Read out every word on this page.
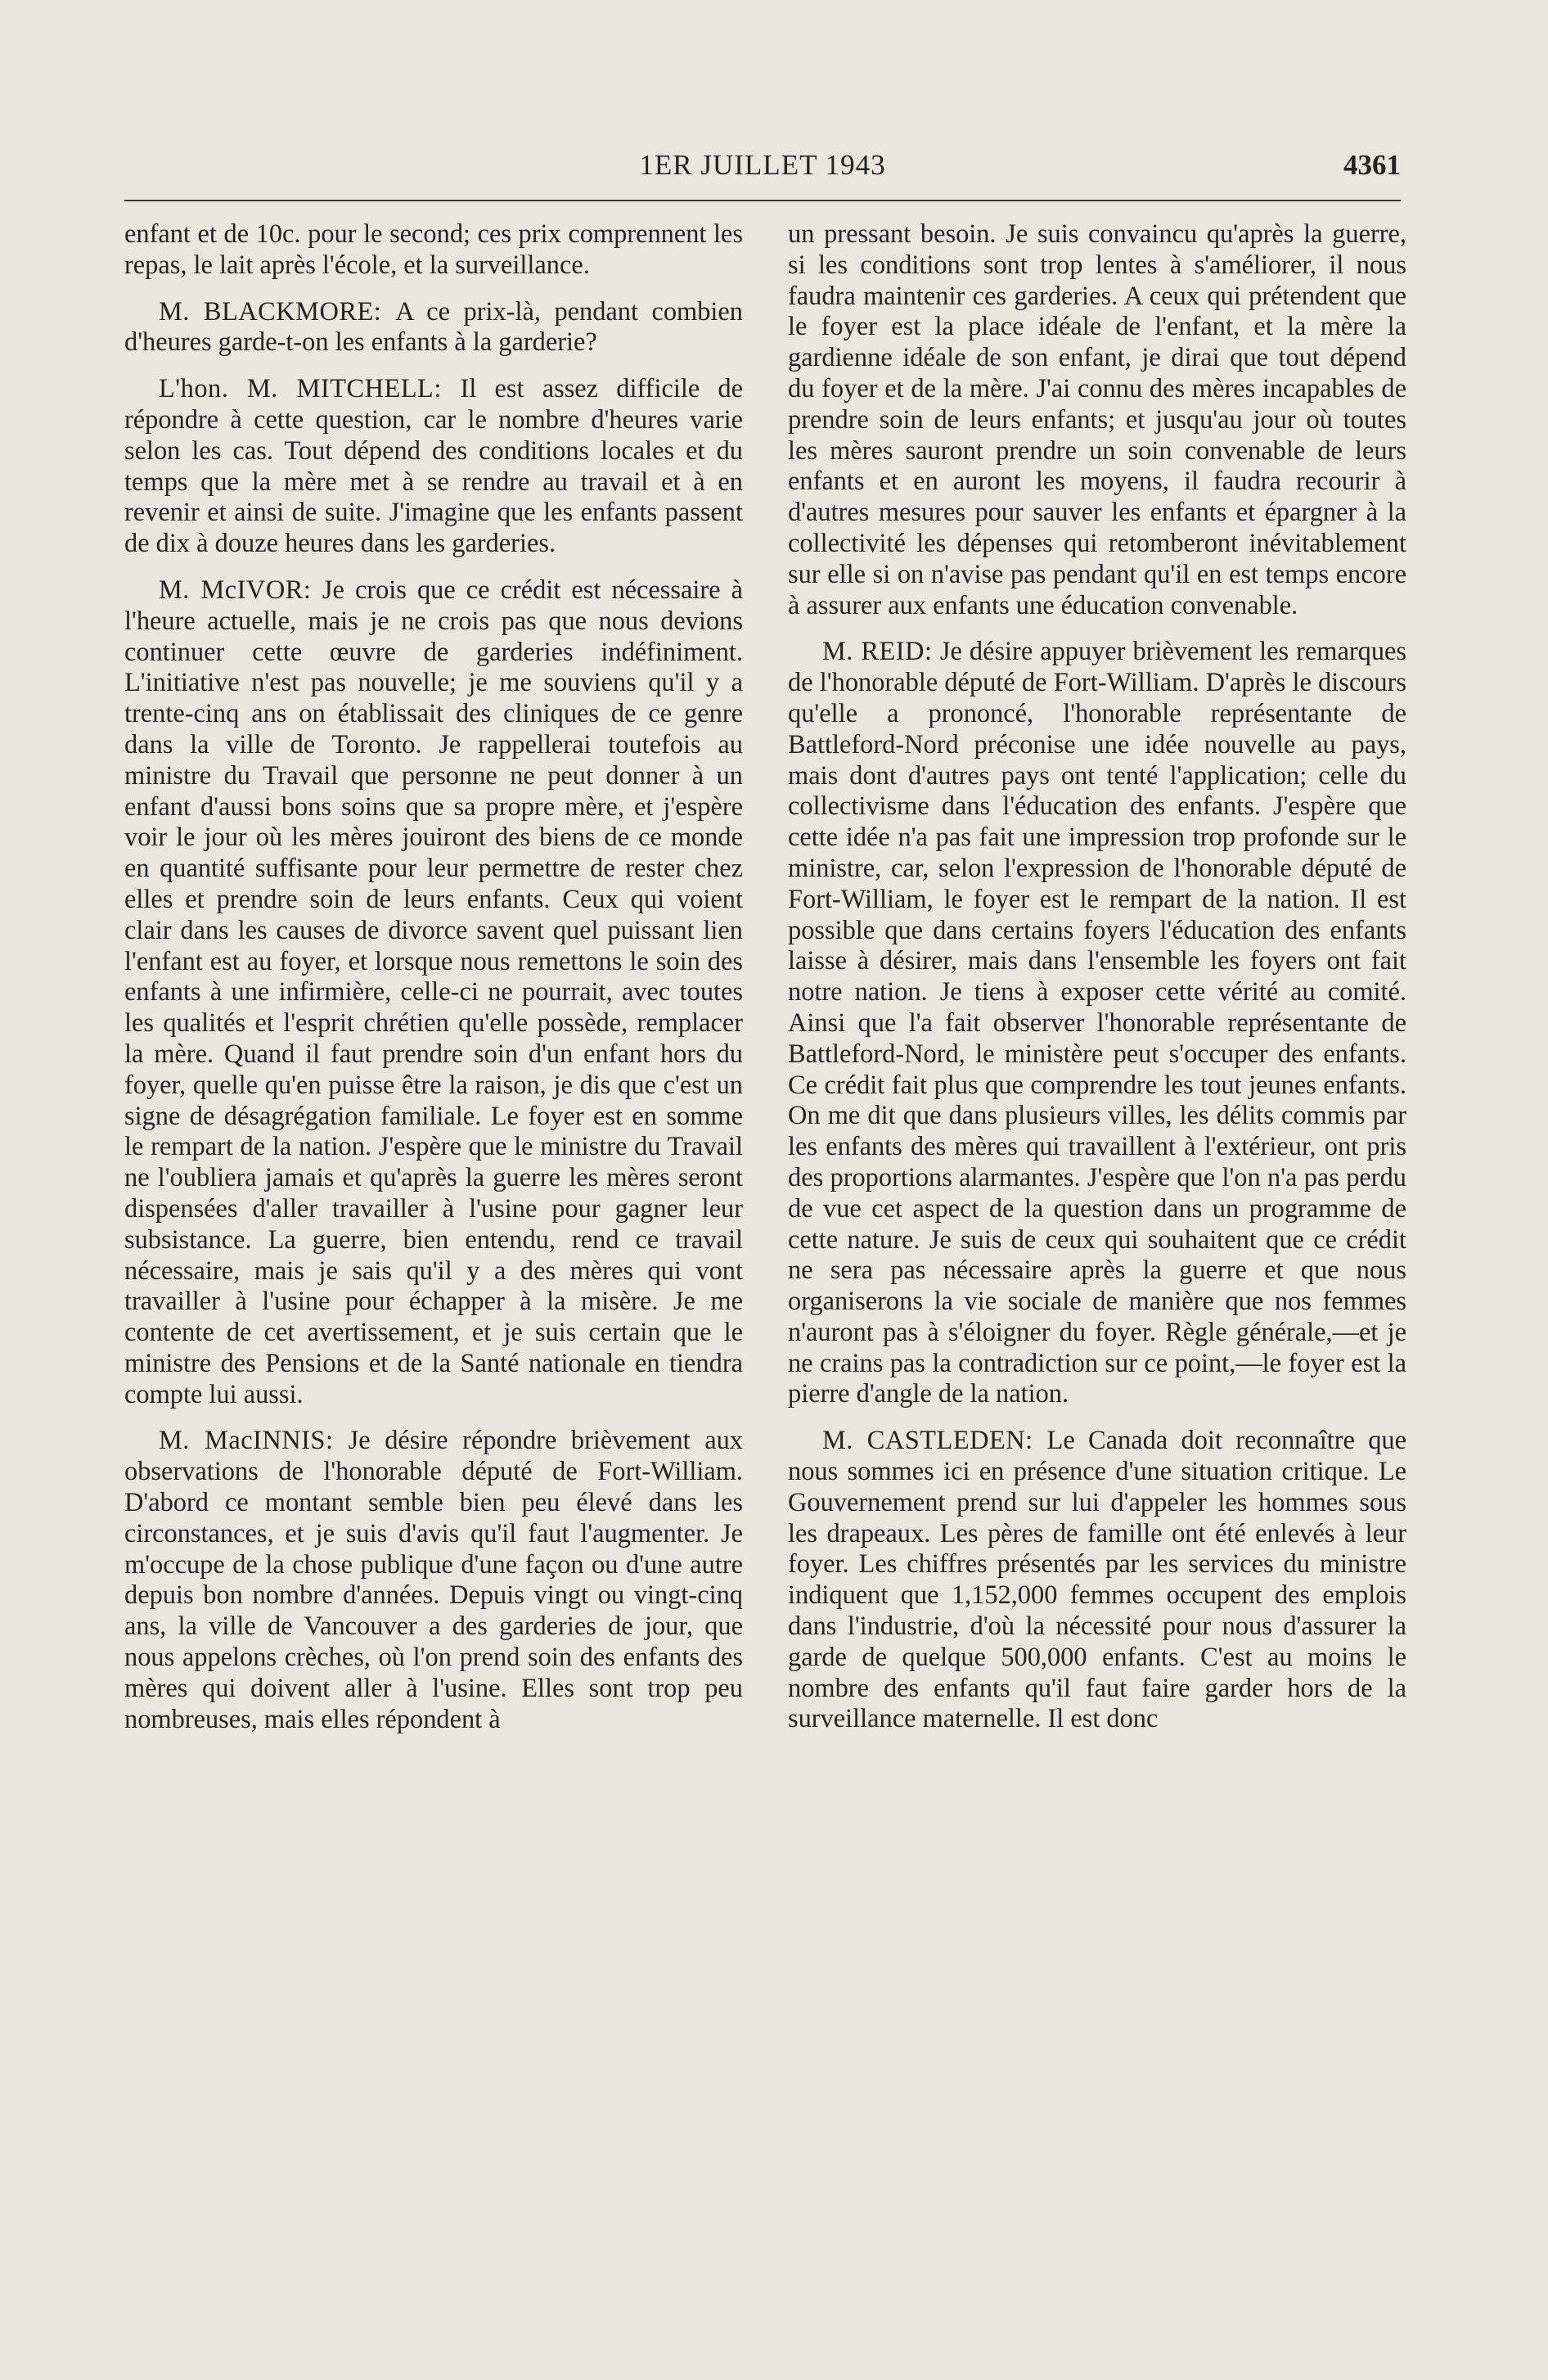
1ER JUILLET 1943	4361

enfant et de 10c. pour le second; ces prix comprennent les repas, le lait après l'école, et la surveillance.

M. BLACKMORE: A ce prix-là, pendant combien d'heures garde-t-on les enfants à la garderie?

L'hon. M. MITCHELL: Il est assez difficile de répondre à cette question, car le nombre d'heures varie selon les cas. Tout dépend des conditions locales et du temps que la mère met à se rendre au travail et à en revenir et ainsi de suite. J'imagine que les enfants passent de dix à douze heures dans les garderies.

M. McIVOR: Je crois que ce crédit est nécessaire à l'heure actuelle, mais je ne crois pas que nous devions continuer cette œuvre de garderies indéfiniment. L'initiative n'est pas nouvelle; je me souviens qu'il y a trente-cinq ans on établissait des cliniques de ce genre dans la ville de Toronto. Je rappellerai toutefois au ministre du Travail que personne ne peut donner à un enfant d'aussi bons soins que sa propre mère, et j'espère voir le jour où les mères jouiront des biens de ce monde en quantité suffisante pour leur permettre de rester chez elles et prendre soin de leurs enfants. Ceux qui voient clair dans les causes de divorce savent quel puissant lien l'enfant est au foyer, et lorsque nous remettons le soin des enfants à une infirmière, celle-ci ne pourrait, avec toutes les qualités et l'esprit chrétien qu'elle possède, remplacer la mère. Quand il faut prendre soin d'un enfant hors du foyer, quelle qu'en puisse être la raison, je dis que c'est un signe de désagrégation familiale. Le foyer est en somme le rempart de la nation. J'espère que le ministre du Travail ne l'oubliera jamais et qu'après la guerre les mères seront dispensées d'aller travailler à l'usine pour gagner leur subsistance. La guerre, bien entendu, rend ce travail nécessaire, mais je sais qu'il y a des mères qui vont travailler à l'usine pour échapper à la misère. Je me contente de cet avertissement, et je suis certain que le ministre des Pensions et de la Santé nationale en tiendra compte lui aussi.

M. MacINNIS: Je désire répondre brièvement aux observations de l'honorable député de Fort-William. D'abord ce montant semble bien peu élevé dans les circonstances, et je suis d'avis qu'il faut l'augmenter. Je m'occupe de la chose publique d'une façon ou d'une autre depuis bon nombre d'années. Depuis vingt ou vingt-cinq ans, la ville de Vancouver a des garderies de jour, que nous appelons crèches, où l'on prend soin des enfants des mères qui doivent aller à l'usine. Elles sont trop peu nombreuses, mais elles répondent à

un pressant besoin. Je suis convaincu qu'après la guerre, si les conditions sont trop lentes à s'améliorer, il nous faudra maintenir ces garderies. A ceux qui prétendent que le foyer est la place idéale de l'enfant, et la mère la gardienne idéale de son enfant, je dirai que tout dépend du foyer et de la mère. J'ai connu des mères incapables de prendre soin de leurs enfants; et jusqu'au jour où toutes les mères sauront prendre un soin convenable de leurs enfants et en auront les moyens, il faudra recourir à d'autres mesures pour sauver les enfants et épargner à la collectivité les dépenses qui retomberont inévitablement sur elle si on n'avise pas pendant qu'il en est temps encore à assurer aux enfants une éducation convenable.

M. REID: Je désire appuyer brièvement les remarques de l'honorable député de Fort-William. D'après le discours qu'elle a prononcé, l'honorable représentante de Battleford-Nord préconise une idée nouvelle au pays, mais dont d'autres pays ont tenté l'application; celle du collectivisme dans l'éducation des enfants. J'espère que cette idée n'a pas fait une impression trop profonde sur le ministre, car, selon l'expression de l'honorable député de Fort-William, le foyer est le rempart de la nation. Il est possible que dans certains foyers l'éducation des enfants laisse à désirer, mais dans l'ensemble les foyers ont fait notre nation. Je tiens à exposer cette vérité au comité. Ainsi que l'a fait observer l'honorable représentante de Battleford-Nord, le ministère peut s'occuper des enfants. Ce crédit fait plus que comprendre les tout jeunes enfants. On me dit que dans plusieurs villes, les délits commis par les enfants des mères qui travaillent à l'extérieur, ont pris des proportions alarmantes. J'espère que l'on n'a pas perdu de vue cet aspect de la question dans un programme de cette nature. Je suis de ceux qui souhaitent que ce crédit ne sera pas nécessaire après la guerre et que nous organiserons la vie sociale de manière que nos femmes n'auront pas à s'éloigner du foyer. Règle générale,—et je ne crains pas la contradiction sur ce point,—le foyer est la pierre d'angle de la nation.

M. CASTLEDEN: Le Canada doit reconnaître que nous sommes ici en présence d'une situation critique. Le Gouvernement prend sur lui d'appeler les hommes sous les drapeaux. Les pères de famille ont été enlevés à leur foyer. Les chiffres présentés par les services du ministre indiquent que 1,152,000 femmes occupent des emplois dans l'industrie, d'où la nécessité pour nous d'assurer la garde de quelque 500,000 enfants. C'est au moins le nombre des enfants qu'il faut faire garder hors de la surveillance maternelle. Il est donc
